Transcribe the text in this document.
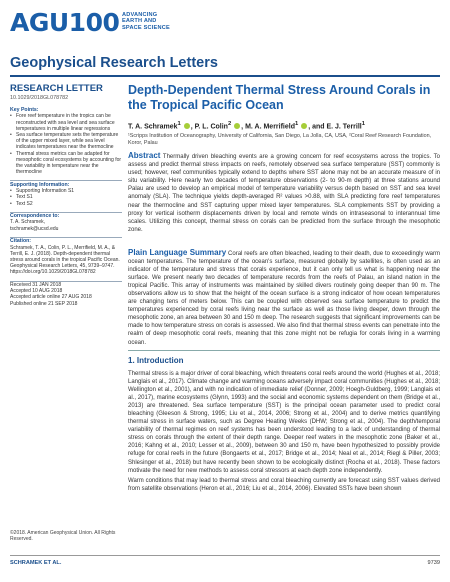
AGU100 ADVANCING
EARTH AND
SPACE SCIENCE
Geophysical Research Letters
RESEARCH LETTER
10.1029/2018GL078782
Key Points:
• Fore reef temperature in the tropics can be reconstructed with sea level and sea surface temperatures in multiple linear regressions
• Sea surface temperature sets the temperature of the upper mixed layer, while sea level indicates temperatures near the thermocline
• Thermal stress metrics can be adapted for mesophotic coral ecosystems by accounting for the variability in temperature near the thermocline
Supporting Information:
• Supporting Information S1
• Text S1
• Text S2
Correspondence to:
T. A. Schramek,
tschramek@ucsd.edu
Citation:
Schramek, T. A., Colin, P. L., Merrifield, M. A., & Terrill, E. J. (2018). Depth-dependent thermal stress around corals in the tropical Pacific Ocean. Geophysical Research Letters, 45, 9739–9747. https://doi.org/10.1029/2018GL078782
Received 31 JAN 2018
Accepted 10 AUG 2018
Accepted article online 27 AUG 2018
Published online 21 SEP 2018
Depth-Dependent Thermal Stress Around Corals in the Tropical Pacific Ocean
T. A. Schramek$^1$ , P. L. Colin$^2$ , M. A. Merrifield$^1$ , and E. J. Terrill$^1$
¹Scripps Institution of Oceanography, University of California, San Diego, La Jolla, CA, USA, ²Coral Reef Research Foundation, Koror, Palau
Abstract Thermally driven bleaching events are a growing concern for reef ecosystems across the tropics. To assess and predict thermal stress impacts on reefs, remotely observed sea surface temperature (SST) commonly is used; however, reef communities typically extend to depths where SST alone may not be an accurate measure of in situ variability. Here nearly two decades of temperature observations (2- to 90-m depth) at three stations around Palau are used to develop an empirical model of temperature variability versus depth based on SST and sea level anomaly (SLA). The technique yields depth-averaged R² values >0.88, with SLA predicting fore reef temperatures near the thermocline and SST capturing upper mixed layer temperatures. SLA complements SST by providing a proxy for vertical isotherm displacements driven by local and remote winds on intraseasonal to interannual time scales. Utilizing this concept, thermal stress on corals can be predicted from the surface through the mesophotic zone.
Plain Language Summary Coral reefs are often bleached, leading to their death, due to exceedingly warm ocean temperatures. The temperature of the ocean's surface, measured globally by satellites, is often used as an indicator of the temperature and stress that corals experience, but it can only tell us what is happening near the surface. We present nearly two decades of temperature records from the reefs of Palau, an island nation in the tropical Pacific. This array of instruments was maintained by skilled divers routinely going deeper than 90 m. The observations allow us to show that the height of the ocean surface is a strong indicator of how ocean temperatures are changing tens of meters below. This can be coupled with observed sea surface temperature to predict the temperatures experienced by coral reefs living near the surface as well as those living deeper, down through the mesophotic zone, an area between 30 and 150 m deep. The research suggests that significant improvements can be made to how temperature stress on corals is assessed. We also find that thermal stress events can penetrate into the realm of deep mesophotic coral reefs, meaning that this zone might not be refugia for corals living in a warming ocean.
1. Introduction

Thermal stress is a major driver of coral bleaching, which threatens coral reefs around the world (Hughes et al., 2018; Langlais et al., 2017). Climate change and warming oceans adversely impact coral communities (Hughes et al., 2018; Wellington et al., 2001), and with no indication of immediate relief (Donner, 2009; Hoegh-Guldberg, 1999; Langlais et al., 2017), marine ecosystems (Glynn, 1993) and the social and economic systems dependent on them (Bridge et al., 2013) are threatened. Sea surface temperature (SST) is the principal ocean parameter used to predict coral bleaching (Gleeson & Strong, 1995; Liu et al., 2014, 2006; Strong et al., 2004) and to derive metrics quantifying thermal stress in surface waters, such as Degree Heating Weeks (DHW; Strong et al., 2004). The depth/temporal variability of thermal regimes on reef systems has been understood leading to a lack of understanding of thermal stress on corals through the extent of their depth range. Deeper reef waters in the mesophotic zone (Baker et al., 2016; Kahng et al., 2010; Lesser et al., 2009), between 30 and 150 m, have been hypothesized to possibly provide refuge for coral reefs in the future (Bongaerts et al., 2017; Bridge et al., 2014; Neal et al., 2014; Riegl & Piller, 2003; Shlesinger et al., 2018) but have recently been shown to be ecologically distinct (Rocha et al., 2018). These factors motivate the need for new methods to assess coral stressors at each depth zone independently.

Warm conditions that may lead to thermal stress and coral bleaching currently are forecast using SST values derived from satellite observations (Heron et al., 2016; Liu et al., 2014, 2006). Elevated SSTs have been shown

©2018. American Geophysical Union. All Rights Reserved.
SCHRAMEK ET AL.	9739
